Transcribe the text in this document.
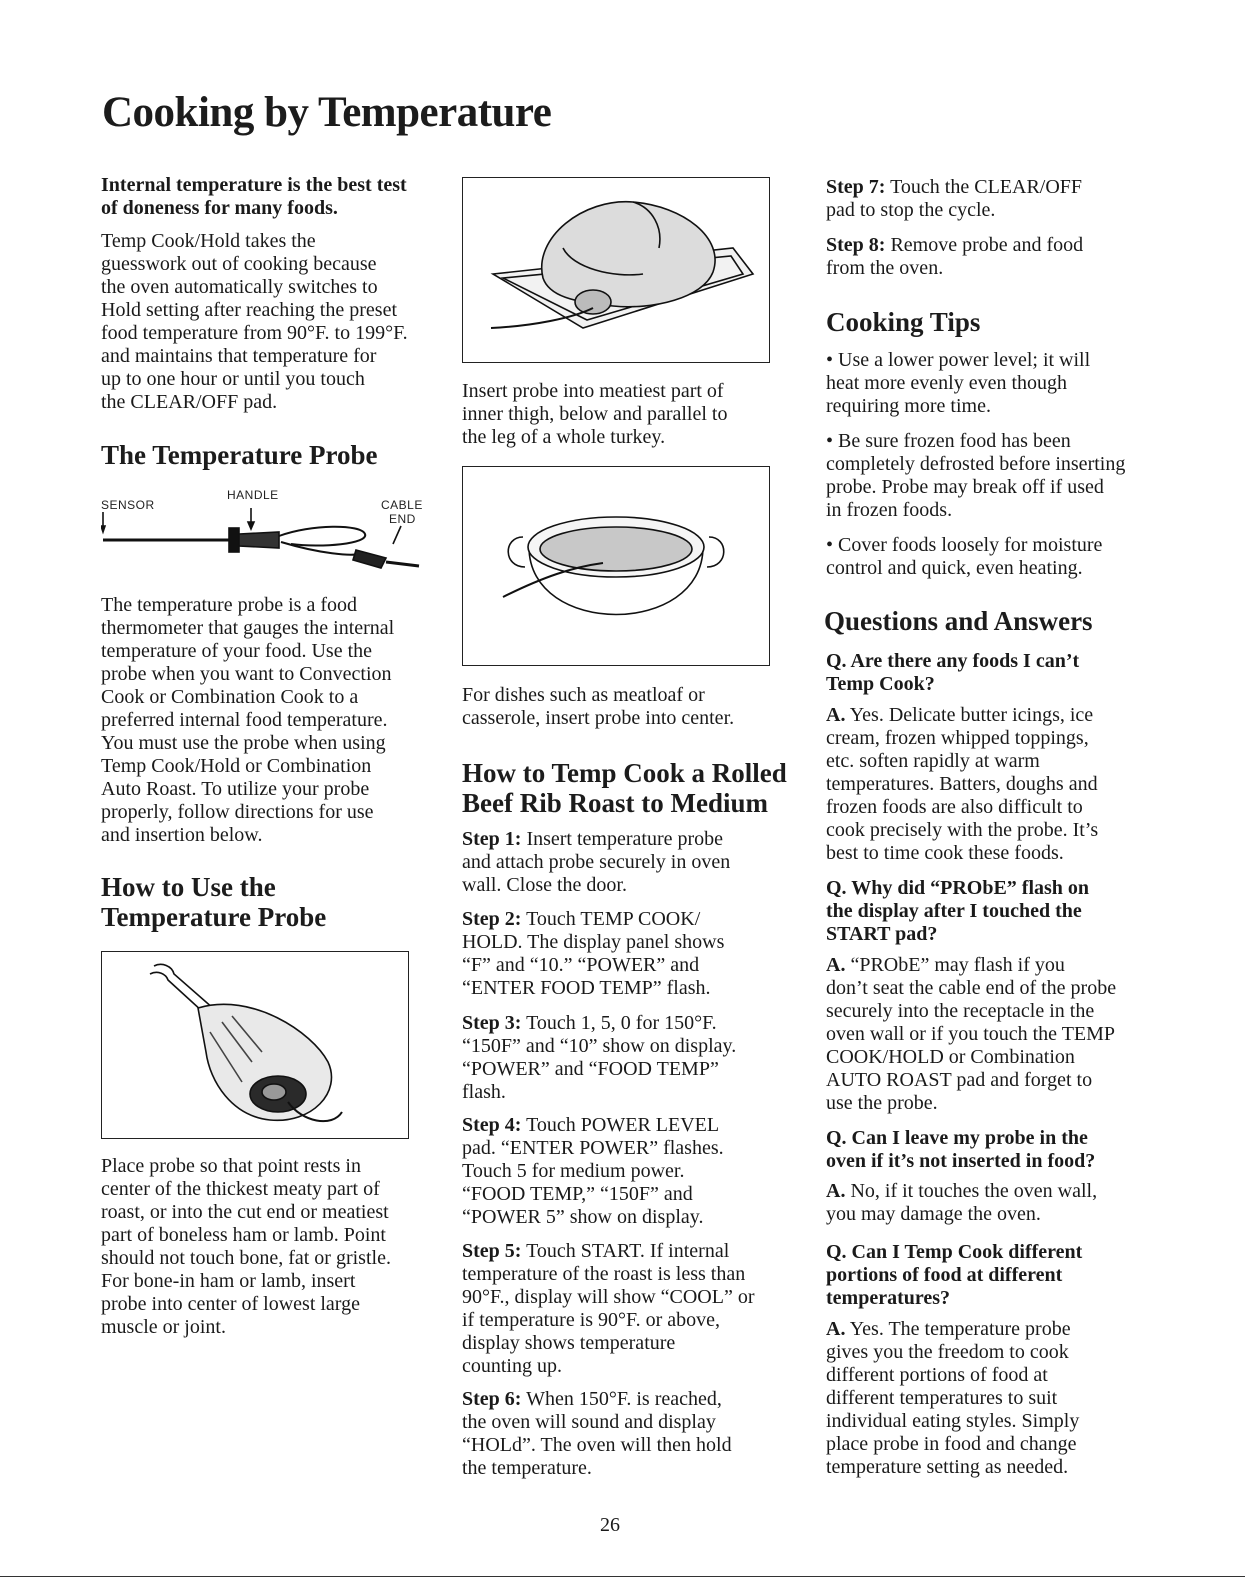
Cooking by Temperature

Internal temperature is the best test of doneness for many foods.

Temp Cook/Hold takes the

guesswork out of cooking because

the oven automatically switches to

Hold setting after reaching the preset

food temperature from 90°F. to 199°F.

and maintains that temperature for

up to one hour or until you touch

the CLEAR/OFF pad.

The Temperature Probe
SENSOR
HANDLE
CABLE
END

The temperature probe is a food

thermometer that gauges the internal

temperature of your food. Use the

probe when you want to Convection

Cook or Combination Cook to a

preferred internal food temperature.

You must use the probe when using

Temp Cook/Hold or Combination

Auto Roast. To utilize your probe

properly, follow directions for use

and insertion below.

How to Use the

Temperature Probe

Place probe so that point rests in

center of the thickest meaty part of

roast, or into the cut end or meatiest

part of boneless ham or lamb. Point

should not touch bone, fat or gristle.

For bone-in ham or lamb, insert

probe into center of lowest large

muscle or joint.

Insert probe into meatiest part of

inner thigh, below and parallel to

the leg of a whole turkey.

For dishes such as meatloaf or

casserole, insert probe into center.

How to Temp Cook a Rolled

Beef Rib Roast to Medium

Step 1: Insert temperature probe

and attach probe securely in oven

wall. Close the door.

Step 2: Touch TEMP COOK/

HOLD. The display panel shows

“F” and “10.” “POWER” and

“ENTER FOOD TEMP” flash.

Step 3: Touch 1, 5, 0 for 150°F.

“150F” and “10” show on display.

“POWER” and “FOOD TEMP”

flash.

Step 4: Touch POWER LEVEL

pad. “ENTER POWER” flashes.

Touch 5 for medium power.

“FOOD TEMP,” “150F” and

“POWER 5” show on display.

Step 5: Touch START. If internal

temperature of the roast is less than

90°F., display will show “COOL” or

if temperature is 90°F. or above,

display shows temperature

counting up.

Step 6: When 150°F. is reached,

the oven will sound and display

“HOLd”. The oven will then hold

the temperature.

Step 7: Touch the CLEAR/OFF

pad to stop the cycle.

Step 8: Remove probe and food

from the oven.

Cooking Tips

• Use a lower power level; it will

heat more evenly even though

requiring more time.

• Be sure frozen food has been

completely defrosted before inserting

probe. Probe may break off if used

in frozen foods.

• Cover foods loosely for moisture

control and quick, even heating.

Questions and Answers

Q. Are there any foods I can’t

Temp Cook?

A. Yes. Delicate butter icings, ice

cream, frozen whipped toppings,

etc. soften rapidly at warm

temperatures. Batters, doughs and

frozen foods are also difficult to

cook precisely with the probe. It’s

best to time cook these foods.

Q. Why did “PRObE” flash on

the display after I touched the

START pad?

A. “PRObE” may flash if you

don’t seat the cable end of the probe

securely into the receptacle in the

oven wall or if you touch the TEMP

COOK/HOLD or Combination

AUTO ROAST pad and forget to

use the probe.

Q. Can I leave my probe in the

oven if it’s not inserted in food?

A. No, if it touches the oven wall,

you may damage the oven.

Q. Can I Temp Cook different

portions of food at different

temperatures?

A. Yes. The temperature probe

gives you the freedom to cook

different portions of food at

different temperatures to suit

individual eating styles. Simply

place probe in food and change

temperature setting as needed.

26
